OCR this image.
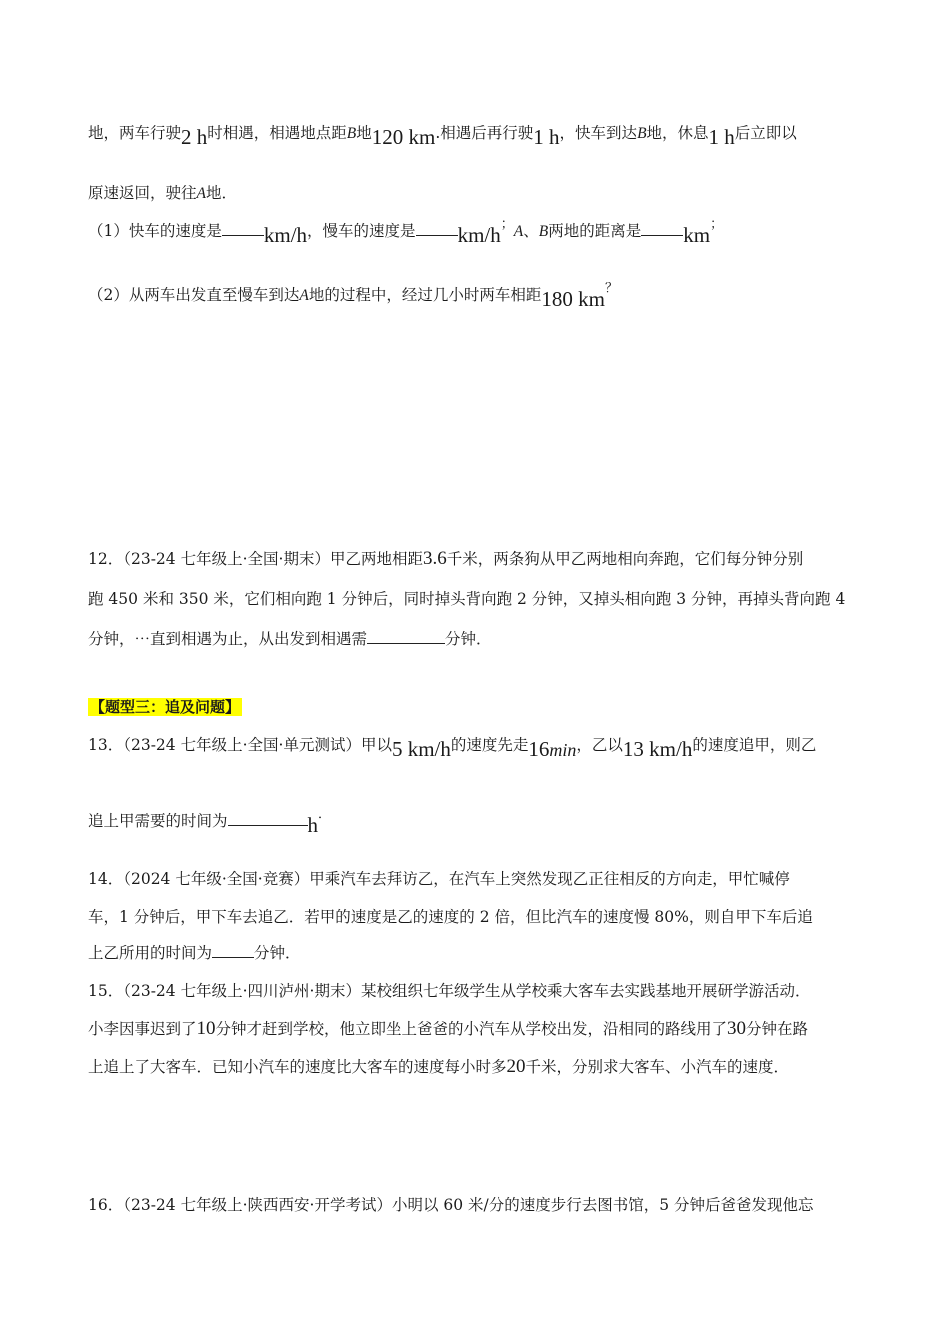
地，两车行驶2 h时相遇，相遇地点距B地120 km.相遇后再行驶1 h，快车到达B地，休息1 h后立即以
原速返回，驶往A地．
（1）快车的速度是 km/h，慢车的速度是 km/h；A、B两地的距离是 km；
（2）从两车出发直至慢车到达A地的过程中，经过几小时两车相距180 km？
12．（23-24 七年级上·全国·期末）甲乙两地相距3.6千米，两条狗从甲乙两地相向奔跑，它们每分钟分别
跑 450 米和 350 米，它们相向跑 1 分钟后，同时掉头背向跑 2 分钟，又掉头相向跑 3 分钟，再掉头背向跑 4
分钟，⋯直到相遇为止，从出发到相遇需	分钟．
【题型三：追及问题】
13．（23-24 七年级上·全国·单元测试）甲以5 km/h的速度先走16min，乙以13 km/h的速度追甲，则乙
追上甲需要的时间为	h．
14．（2024 七年级·全国·竞赛）甲乘汽车去拜访乙，在汽车上突然发现乙正往相反的方向走，甲忙喊停
车，1 分钟后，甲下车去追乙．若甲的速度是乙的速度的 2 倍，但比汽车的速度慢 80%，则自甲下车后追
上乙所用的时间为	分钟．
15．（23-24 七年级上·四川泸州·期末）某校组织七年级学生从学校乘大客车去实践基地开展研学游活动．
小李因事迟到了10分钟才赶到学校，他立即坐上爸爸的小汽车从学校出发，沿相同的路线用了30分钟在路
上追上了大客车．已知小汽车的速度比大客车的速度每小时多20千米，分别求大客车、小汽车的速度．
16．（23-24 七年级上·陕西西安·开学考试）小明以 60 米/分的速度步行去图书馆，5 分钟后爸爸发现他忘
